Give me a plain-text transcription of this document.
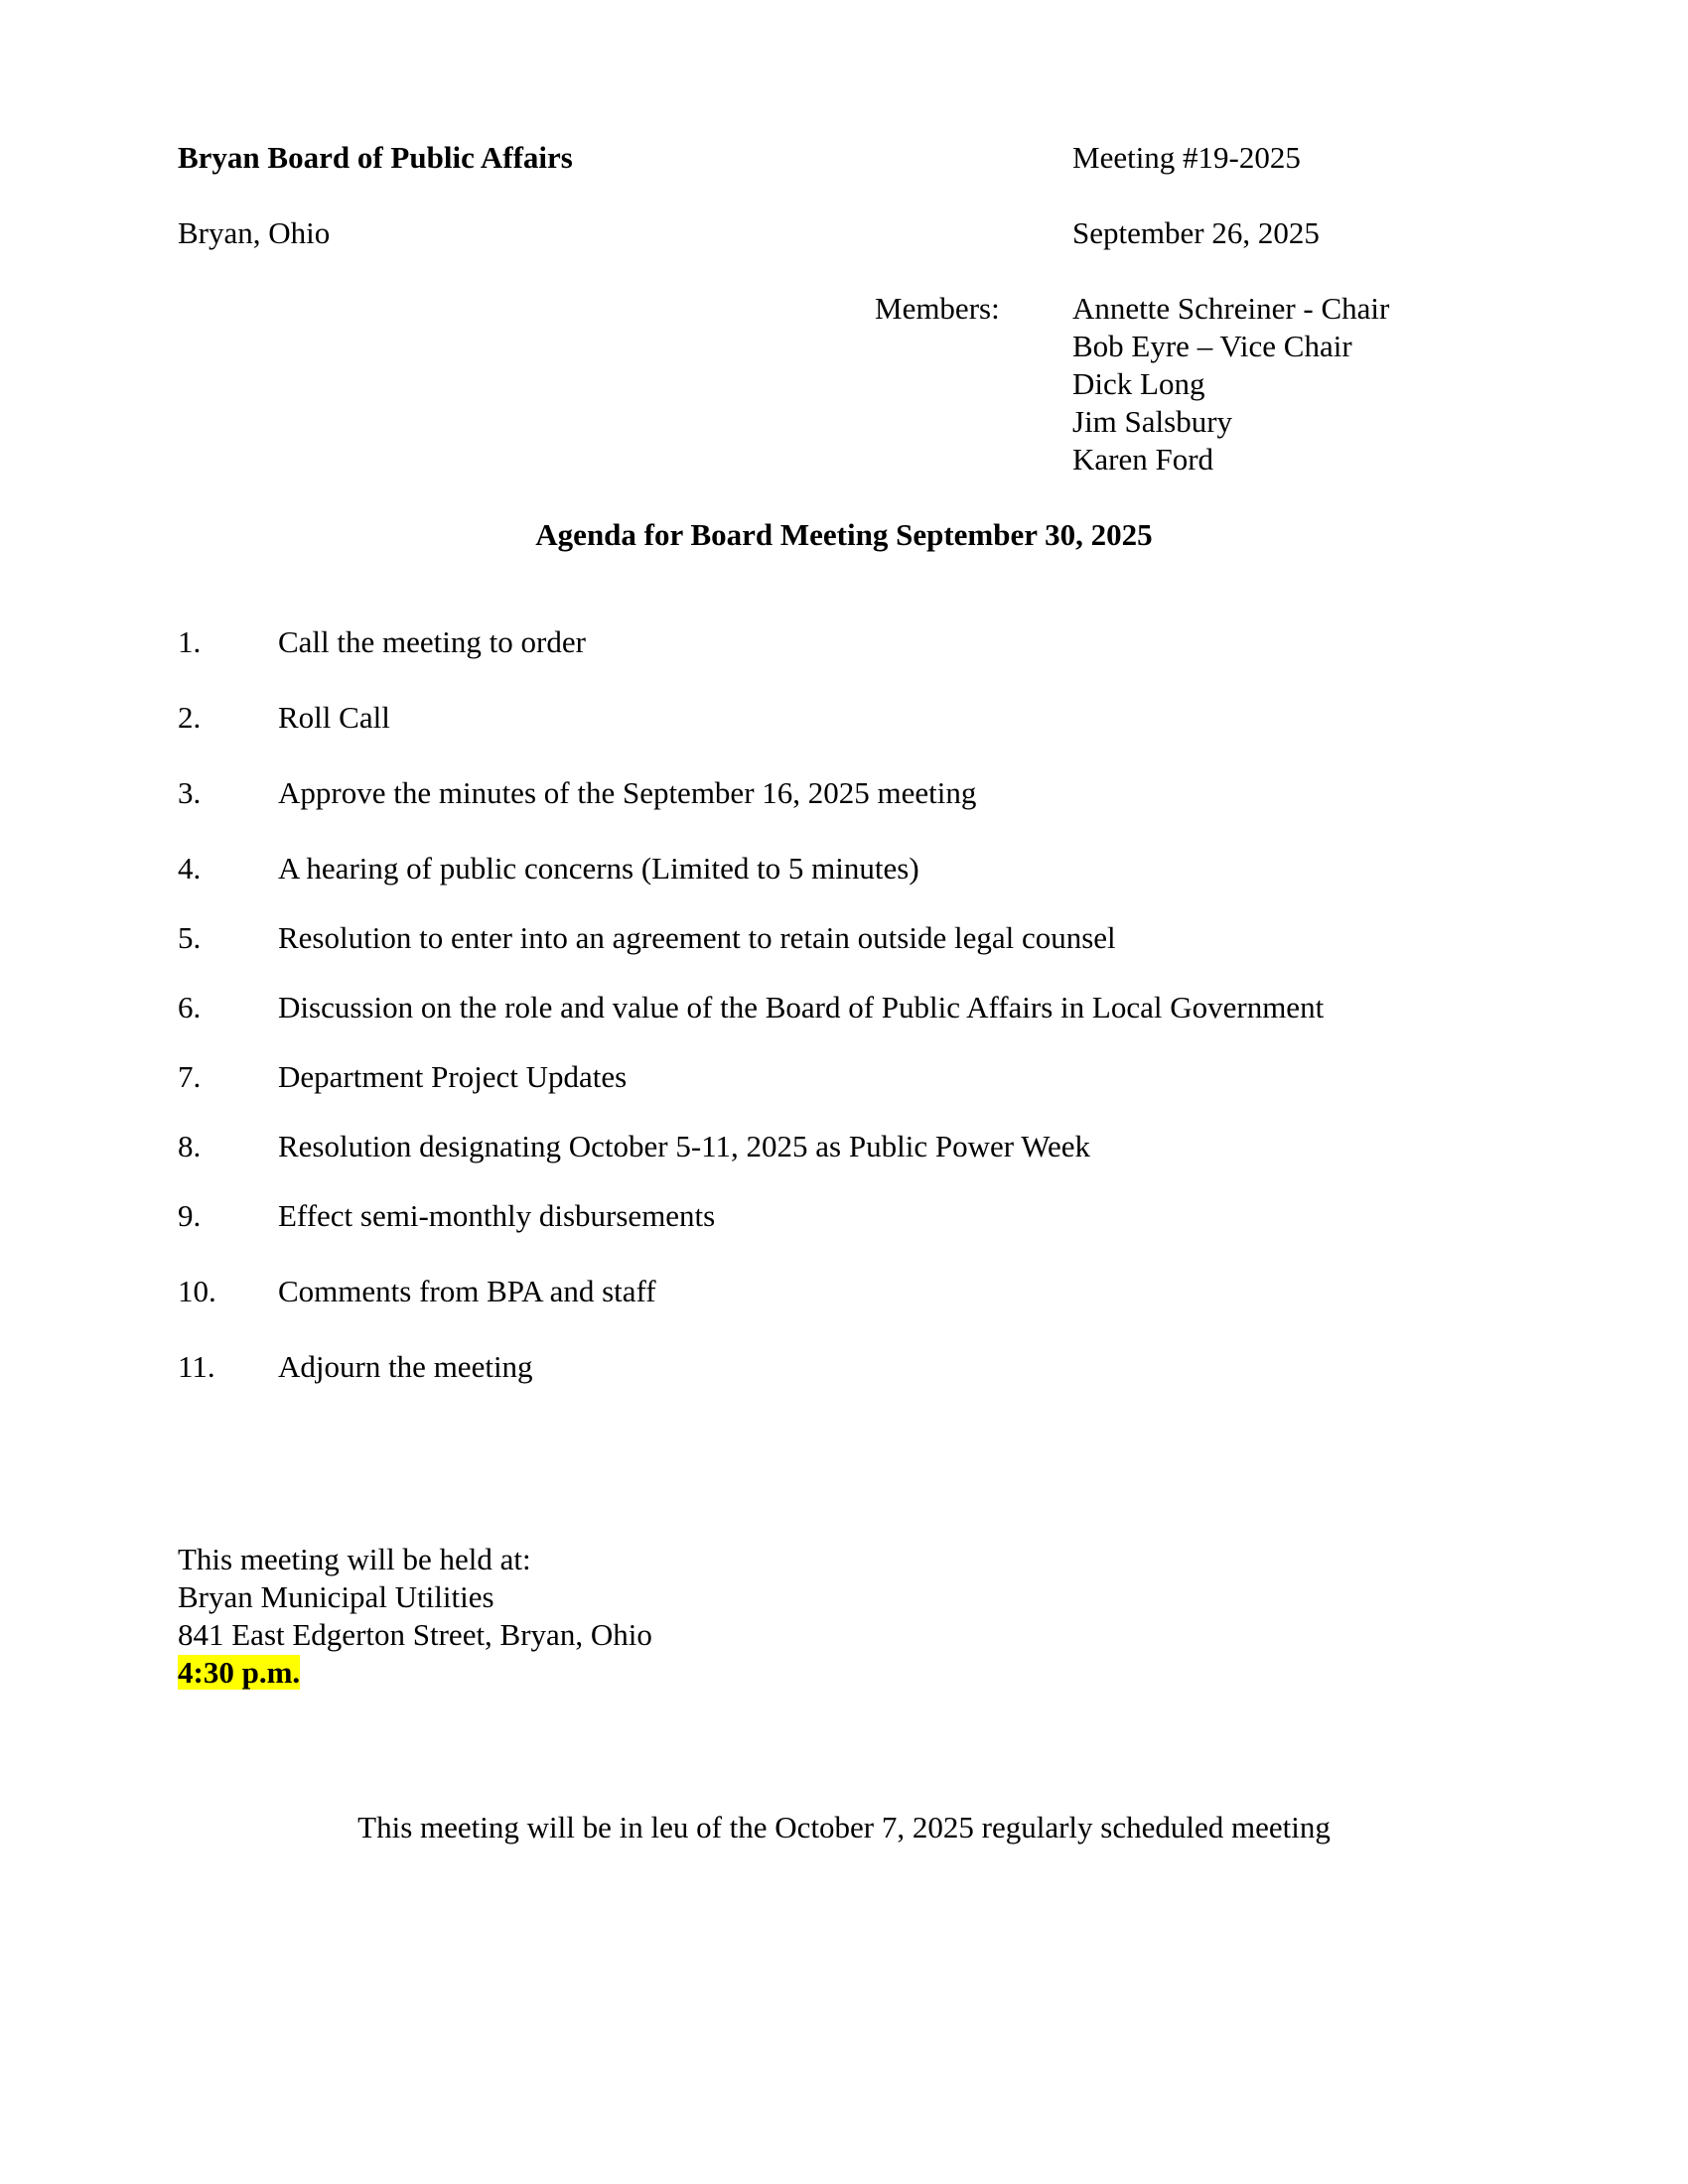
Bryan Board of Public Affairs	Meeting #19-2025
Bryan, Ohio	September 26, 2025
Members: Annette Schreiner - Chair
Bob Eyre – Vice Chair
Dick Long
Jim Salsbury
Karen Ford
Agenda for Board Meeting September 30, 2025
1.	Call the meeting to order
2.	Roll Call
3.	Approve the minutes of the September 16, 2025 meeting
4.	A hearing of public concerns (Limited to 5 minutes)
5.	Resolution to enter into an agreement to retain outside legal counsel
6.	Discussion on the role and value of the Board of Public Affairs in Local Government
7.	Department Project Updates
8.	Resolution designating October 5-11, 2025 as Public Power Week
9.	Effect semi-monthly disbursements
10. Comments from BPA and staff
11. Adjourn the meeting
This meeting will be held at:
Bryan Municipal Utilities
841 East Edgerton Street, Bryan, Ohio
4:30 p.m.
This meeting will be in leu of the October 7, 2025 regularly scheduled meeting
